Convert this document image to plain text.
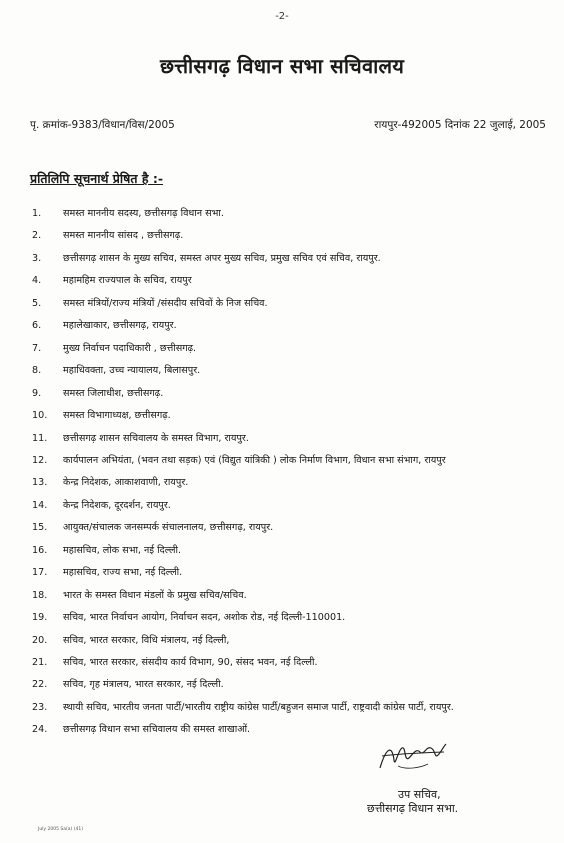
-2-
छत्तीसगढ़ विधान सभा सचिवालय
पृ. क्रमांक-9383/विधान/विस/2005	रायपुर-492005 दिनांक 22 जुलाई, 2005
प्रतिलिपि सूचनार्थ प्रेषित है :-
1.	समस्त माननीय सदस्य, छत्तीसगढ़ विधान सभा.
2.	समस्त माननीय सांसद , छत्तीसगढ़.
3.	छत्तीसगढ़ शासन के मुख्य सचिव, समस्त अपर मुख्य सचिव, प्रमुख सचिव एवं सचिव, रायपुर.
4.	महामहिम राज्यपाल के सचिव, रायपुर
5.	समस्त मंत्रियों/राज्य मंत्रियों /संसदीय सचिवों के निज सचिव.
6.	महालेखाकार, छत्तीसगढ़, रायपुर.
7.	मुख्य निर्वाचन पदाधिकारी , छत्तीसगढ़.
8.	महाधिवक्ता, उच्च न्यायालय, बिलासपुर.
9.	समस्त जिलाधीश, छत्तीसगढ़.
10.	समस्त विभागाध्यक्ष, छत्तीसगढ़.
11.	छत्तीसगढ़ शासन सचिवालय के समस्त विभाग, रायपुर.
12.	कार्यपालन अभियंता, (भवन तथा सड़क) एवं (विद्युत यांत्रिकी ) लोक निर्माण विभाग, विधान सभा संभाग, रायपुर
13.	केन्द्र निदेशक, आकाशवाणी, रायपुर.
14.	केन्द्र निदेशक, दूरदर्शन, रायपुर.
15.	आयुक्त/संचालक जनसम्पर्क संचालनालय, छत्तीसगढ़, रायपुर.
16.	महासचिव, लोक सभा, नई दिल्ली.
17.	महासचिव, राज्य सभा, नई दिल्ली.
18.	भारत के समस्त विधान मंडलों के प्रमुख सचिव/सचिव.
19.	सचिव, भारत निर्वाचन आयोग, निर्वाचन सदन, अशोक रोड, नई दिल्ली-110001.
20.	सचिव, भारत सरकार, विधि मंत्रालय, नई दिल्ली,
21.	सचिव, भारत सरकार, संसदीय कार्य विभाग, 90, संसद भवन, नई दिल्ली.
22.	सचिव, गृह मंत्रालय, भारत सरकार, नई दिल्ली.
23.	स्थायी सचिव, भारतीय जनता पार्टी/भारतीय राष्ट्रीय कांग्रेस पार्टी/बहुजन समाज पार्टी, राष्ट्रवादी कांग्रेस पार्टी, रायपुर.
24.	छत्तीसगढ़ विधान सभा सचिवालय की समस्त शाखाओं.
उप सचिव,
छत्तीसगढ़ विधान सभा.
July 2005 Sa(a) (41)
